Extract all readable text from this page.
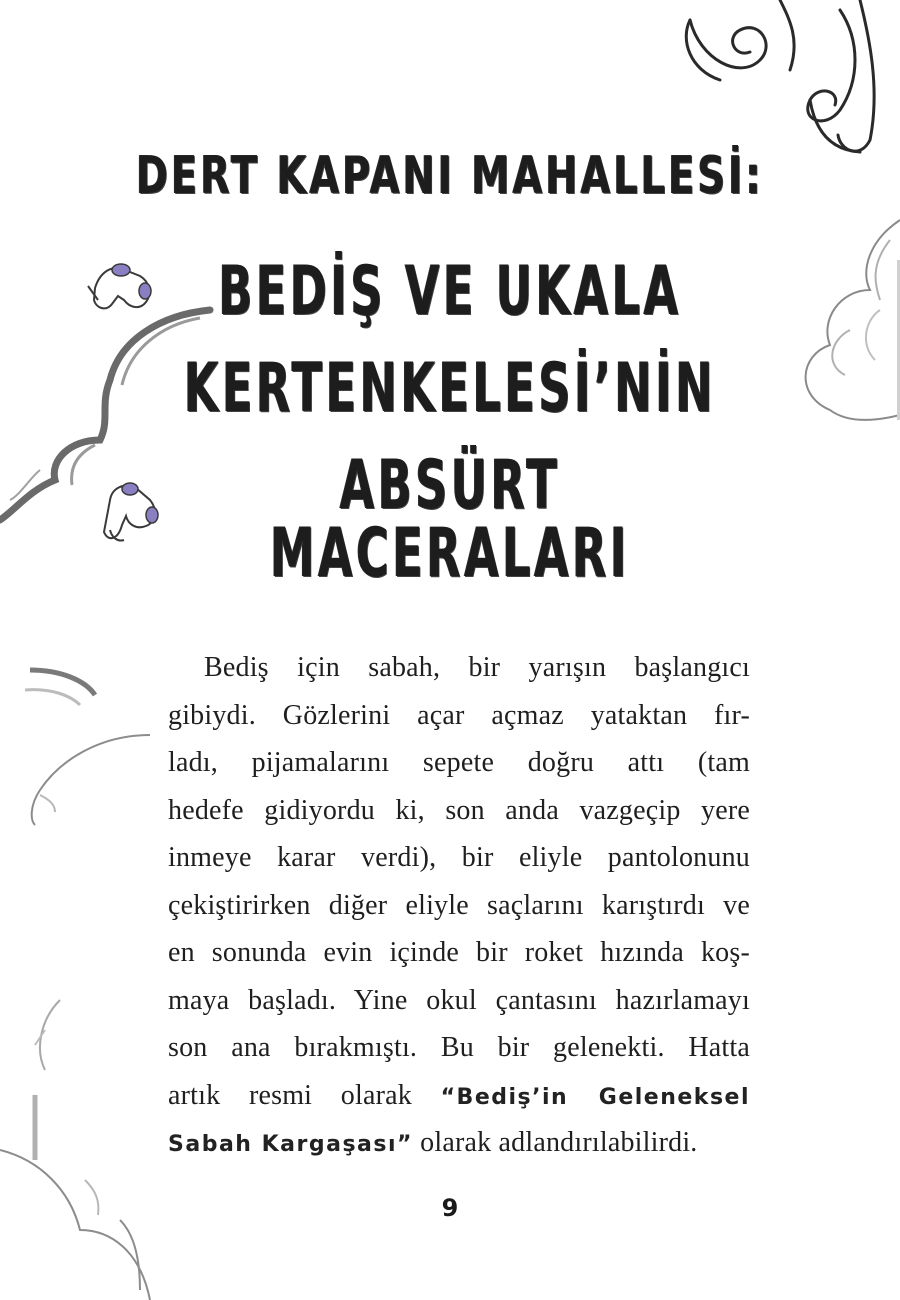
DERT KAPANI MAHALLESİ:
BEDİŞ VE UKALA
KERTENKELESİ’NİN
ABSÜRT MACERALARI
Bediş için sabah, bir yarışın başlangıcı
gibiydi. Gözlerini açar açmaz yataktan fır-
ladı, pijamalarını sepete doğru attı (tam
hedefe gidiyordu ki, son anda vazgeçip yere
inmeye karar verdi), bir eliyle pantolonunu
çekiştirirken diğer eliyle saçlarını karıştırdı ve
en sonunda evin içinde bir roket hızında koş-
maya başladı. Yine okul çantasını hazırlamayı
son ana bırakmıştı. Bu bir gelenekti. Hatta
artık resmi olarak “Bediş’in Geleneksel
Sabah Kargaşası” olarak adlandırılabilirdi.
9
